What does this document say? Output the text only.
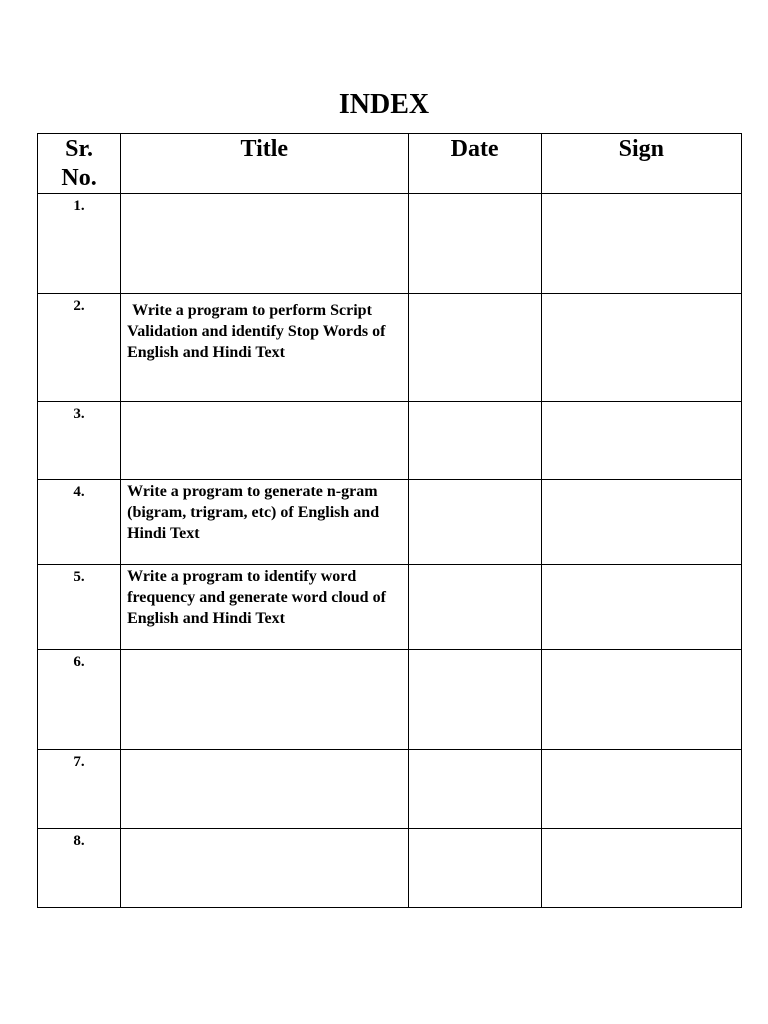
INDEX
Sr.
No.	Title	Date	Sign
1.			
2.	Write a program to perform Script Validation and identify Stop Words of English and Hindi Text		

3.			
4.	Write a program to generate n-gram (bigram, trigram, etc) of English and Hindi Text		
5.	Write a program to identify word frequency and generate word cloud of English and Hindi Text		
6.			
7.			
8.			
